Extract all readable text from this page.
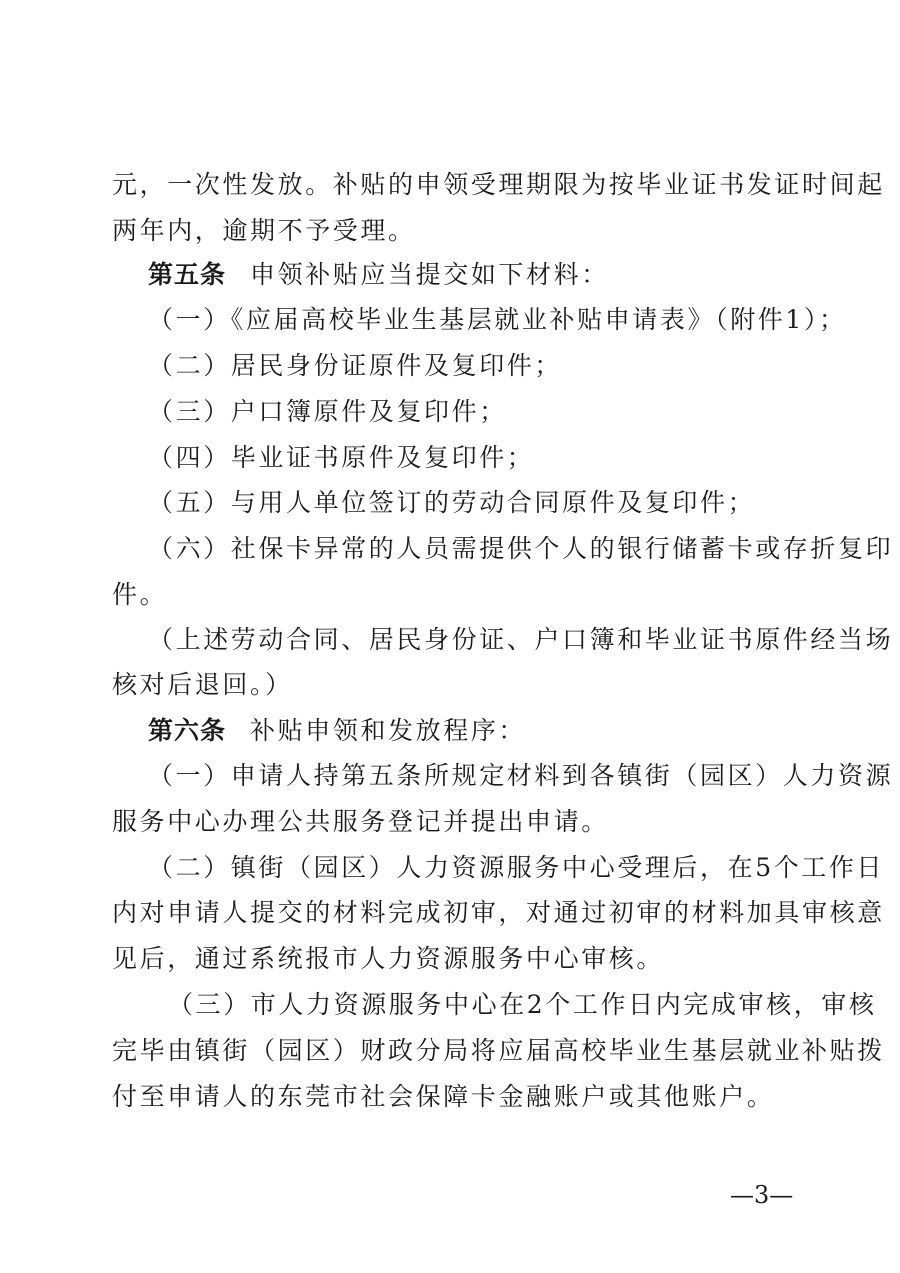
元，一次性发放。补贴的申领受理期限为按毕业证书发证时间起
两年内，逾期不予受理。
第五条 申领补贴应当提交如下材料：
（一）《应届高校毕业生基层就业补贴申请表》（附件1）；
（二）居民身份证原件及复印件；
（三）户口簿原件及复印件；
（四）毕业证书原件及复印件；
（五）与用人单位签订的劳动合同原件及复印件；
（六）社保卡异常的人员需提供个人的银行储蓄卡或存折复印
件。
（上述劳动合同、居民身份证、户口簿和毕业证书原件经当场
核对后退回。）
第六条 补贴申领和发放程序：
（一）申请人持第五条所规定材料到各镇街（园区）人力资源
服务中心办理公共服务登记并提出申请。
（二）镇街（园区）人力资源服务中心受理后，在5个工作日
内对申请人提交的材料完成初审，对通过初审的材料加具审核意
见后，通过系统报市人力资源服务中心审核。
（三）市人力资源服务中心在2个工作日内完成审核，审核
完毕由镇街（园区）财政分局将应届高校毕业生基层就业补贴拨
付至申请人的东莞市社会保障卡金融账户或其他账户。
—3—
